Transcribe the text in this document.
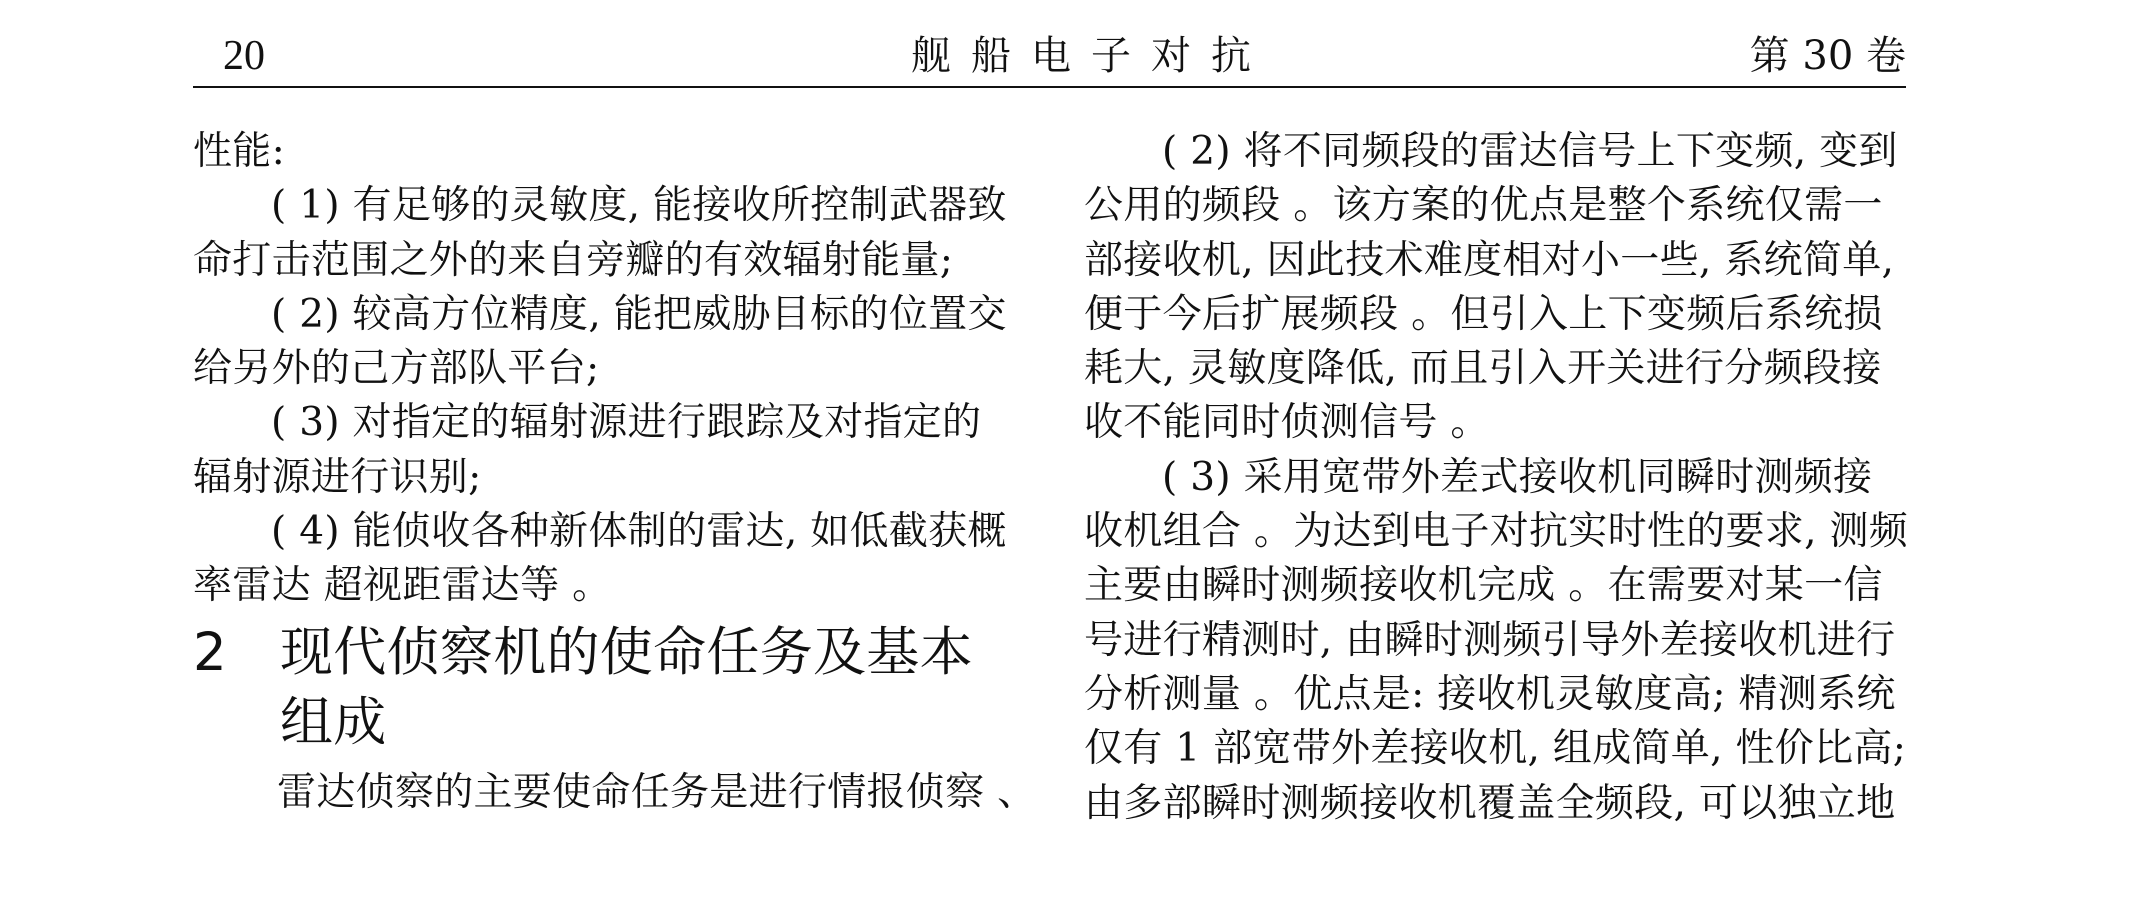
20	舰船电子对抗	第 30 卷

性能:

( 1) 有足够的灵敏度, 能接收所控制武器致

命打击范围之外的来自旁瓣的有效辐射能量;

( 2) 较高方位精度, 能把威胁目标的位置交

给另外的己方部队平台;

( 3) 对指定的辐射源进行跟踪及对指定的

辐射源进行识别;

( 4) 能侦收各种新体制的雷达, 如低截获概

率雷达 超视距雷达等 。

2 现代侦察机的使命任务及基本
组成

雷达侦察的主要使命任务是进行情报侦察 、

( 2) 将不同频段的雷达信号上下变频, 变到

公用的频段 。该方案的优点是整个系统仅需一

部接收机, 因此技术难度相对小一些, 系统简单,

便于今后扩展频段 。但引入上下变频后系统损

耗大, 灵敏度降低, 而且引入开关进行分频段接

收不能同时侦测信号 。

( 3) 采用宽带外差式接收机同瞬时测频接

收机组合 。为达到电子对抗实时性的要求, 测频

主要由瞬时测频接收机完成 。在需要对某一信

号进行精测时, 由瞬时测频引导外差接收机进行

分析测量 。优点是: 接收机灵敏度高; 精测系统

仅有 1 部宽带外差接收机, 组成简单, 性价比高;

由多部瞬时测频接收机覆盖全频段, 可以独立地
